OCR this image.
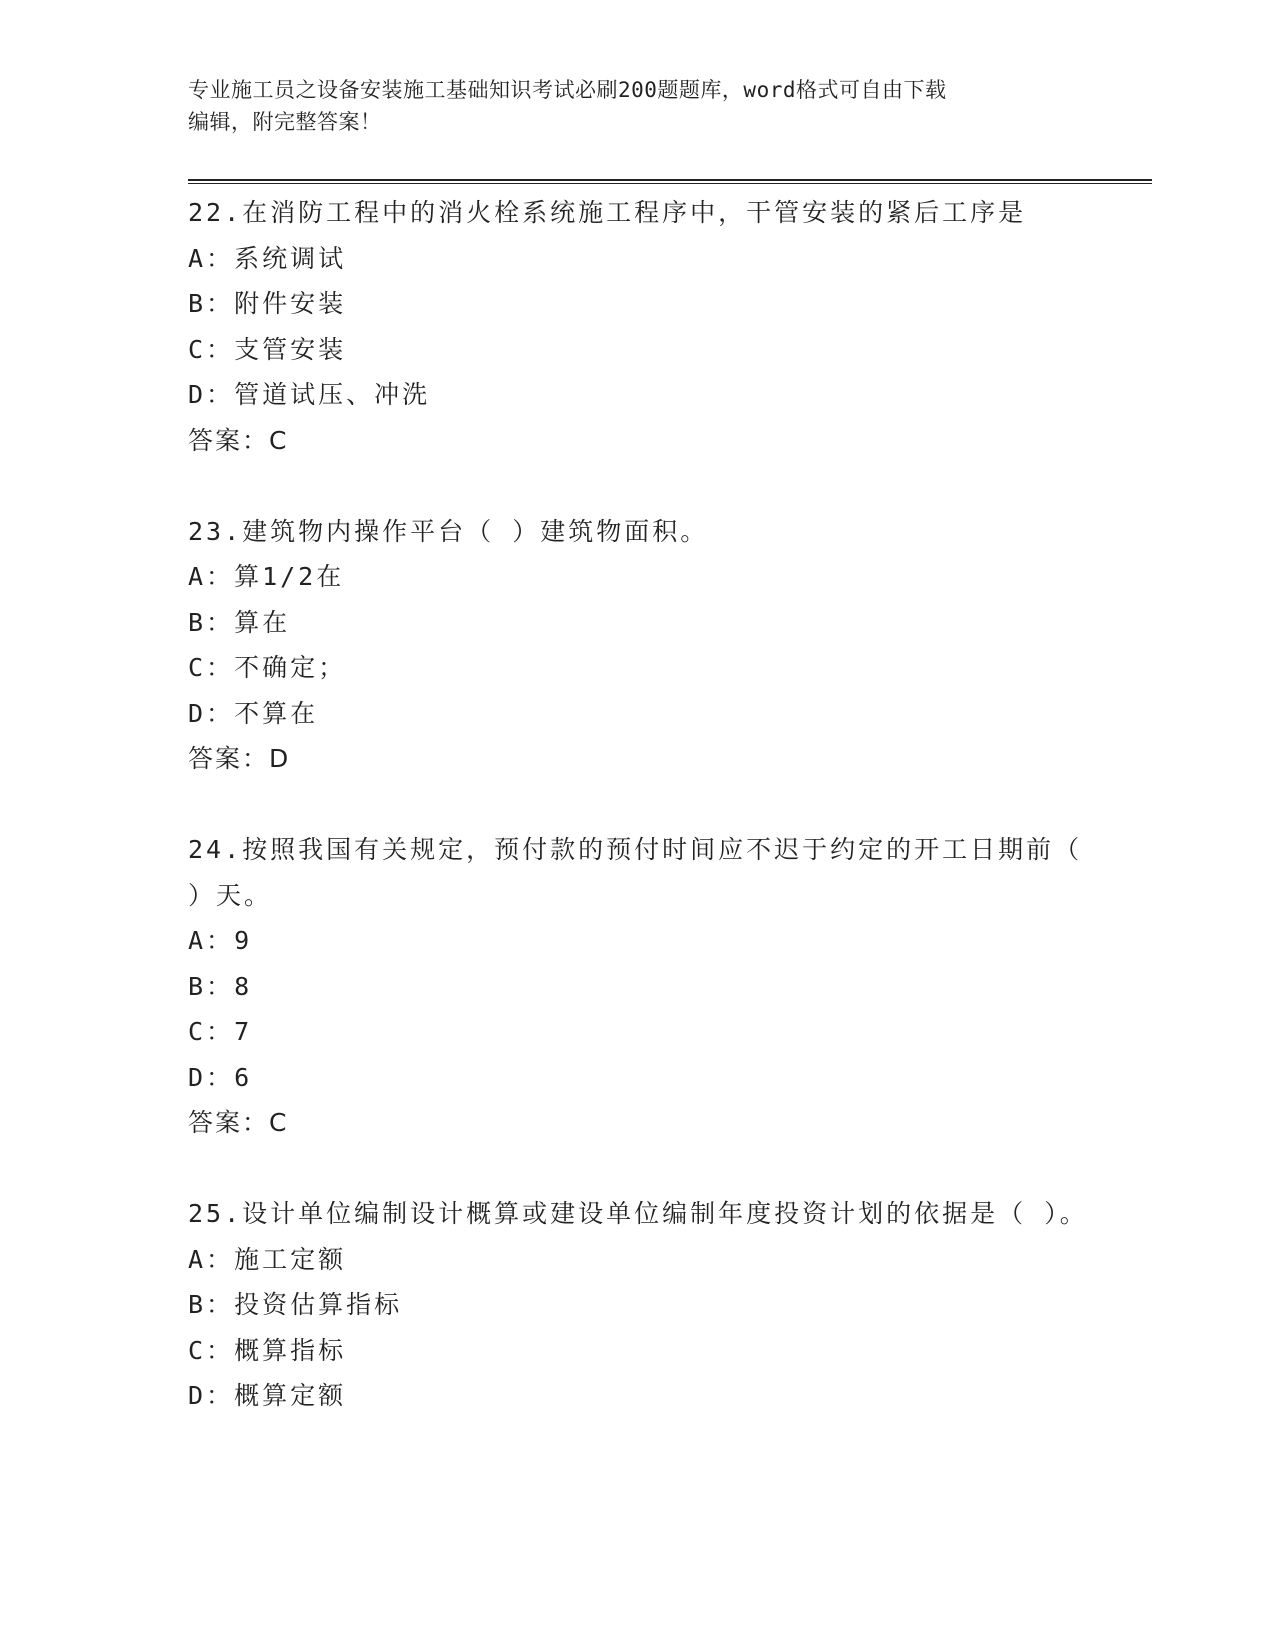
专业施工员之设备安装施工基础知识考试必刷200题题库，word格式可自由下载
编辑，附完整答案！
22.在消防工程中的消火栓系统施工程序中，干管安装的紧后工序是
A：系统调试
B：附件安装
C：支管安装
D：管道试压、冲洗
答案：C
23.建筑物内操作平台（ ）建筑物面积。
A：算1/2在
B：算在
C：不确定；
D：不算在
答案：D
24.按照我国有关规定，预付款的预付时间应不迟于约定的开工日期前（ ）天。
A：9
B：8
C：7
D：6
答案：C
25.设计单位编制设计概算或建设单位编制年度投资计划的依据是（ ）。
A：施工定额
B：投资估算指标
C：概算指标
D：概算定额
